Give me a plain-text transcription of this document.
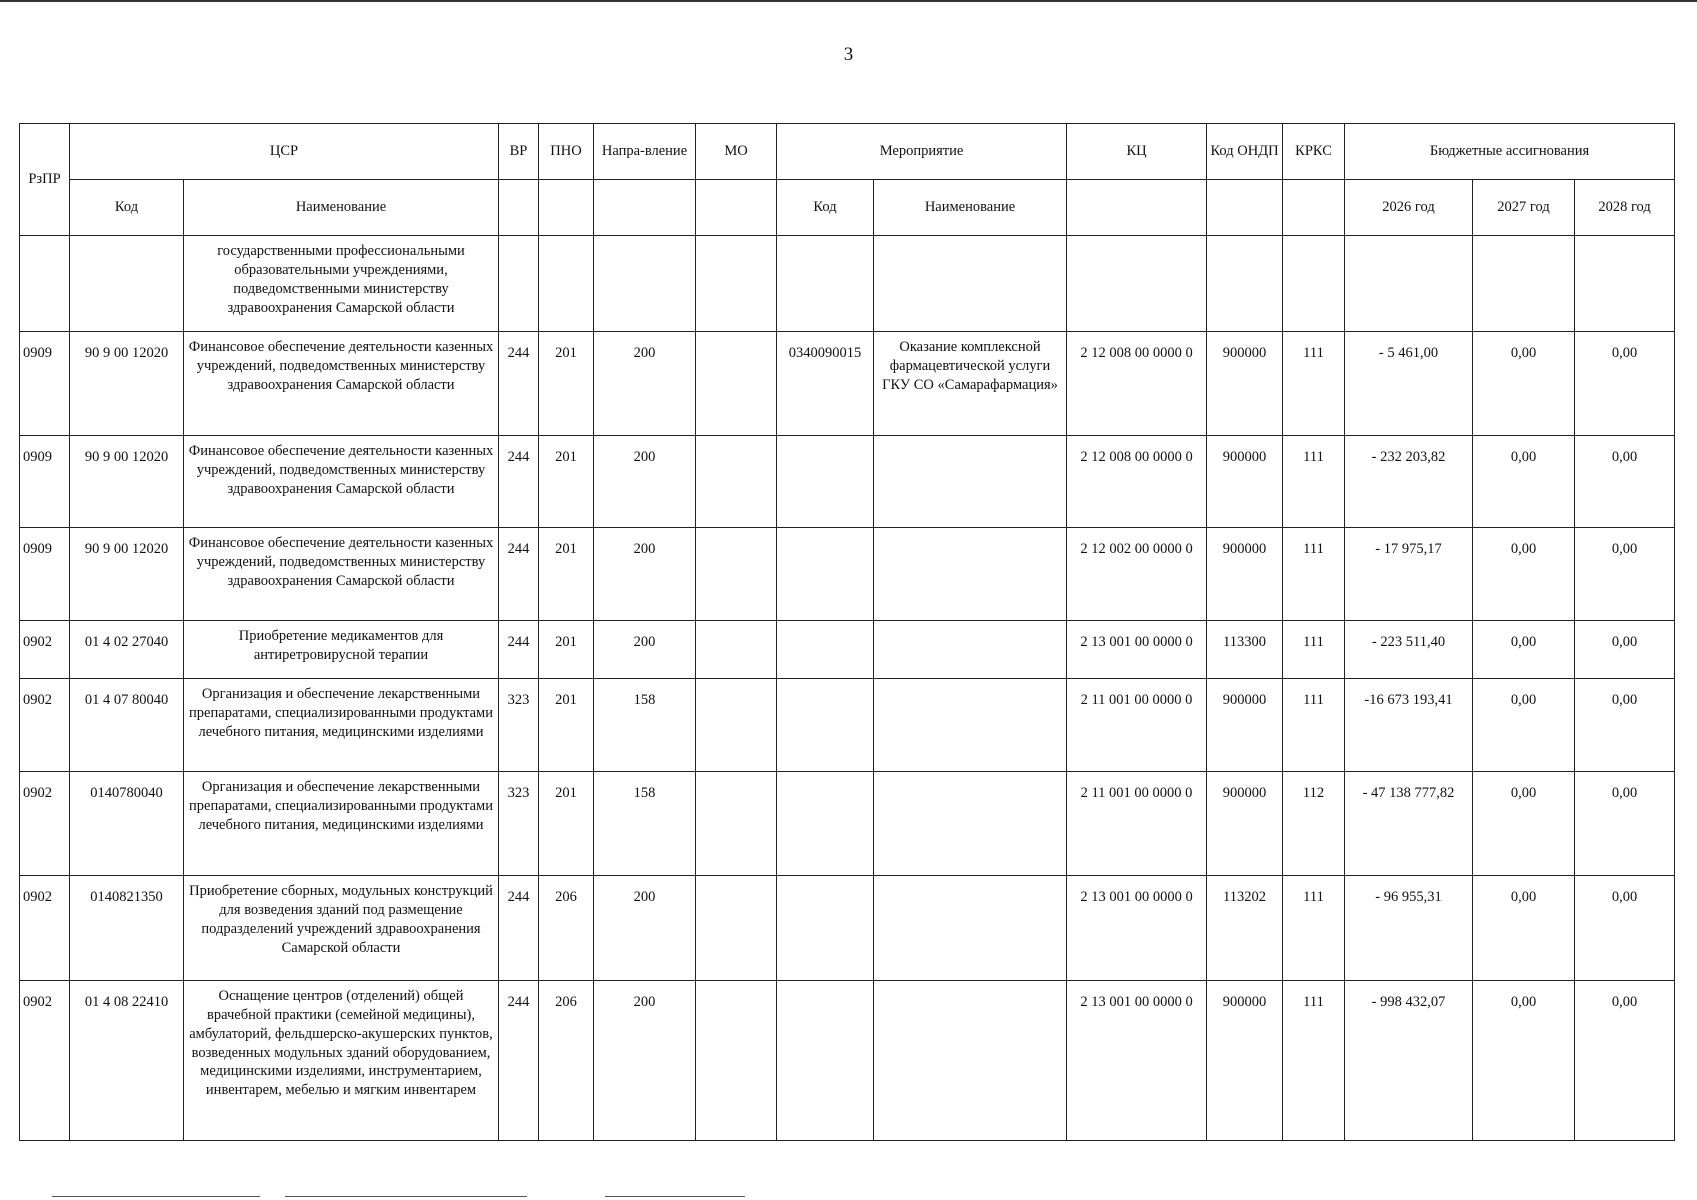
3
РзПР	ЦСР		ВР	ПНО	Напра-вление	МО	Мероприятие		КЦ	Код ОНДП	КРКС	Бюджетные ассигнования		
	Код	Наименование					Код	Наименование				2026 год	2027 год	2028 год
		государственными профессиональными образовательными учреждениями, подведомственными министерству здравоохранения Самарской области												
0909	90 9 00 12020	Финансовое обеспечение деятельности казенных учреждений, подведомственных министерству здравоохранения Самарской области	244	201	200		0340090015	Оказание комплексной фармацевтической услуги ГКУ СО «Самарафармация»	2 12 008 00 0000 0	900000	111	- 5 461,00	0,00	0,00
0909	90 9 00 12020	Финансовое обеспечение деятельности казенных учреждений, подведомственных министерству здравоохранения Самарской области	244	201	200				2 12 008 00 0000 0	900000	111	- 232 203,82	0,00	0,00
0909	90 9 00 12020	Финансовое обеспечение деятельности казенных учреждений, подведомственных министерству здравоохранения Самарской области	244	201	200				2 12 002 00 0000 0	900000	111	- 17 975,17	0,00	0,00
0902	01 4 02 27040	Приобретение медикаментов для антиретровирусной терапии	244	201	200				2 13 001 00 0000 0	113300	111	- 223 511,40	0,00	0,00
0902	01 4 07 80040	Организация и обеспечение лекарственными препаратами, специализированными продуктами лечебного питания, медицинскими изделиями	323	201	158				2 11 001 00 0000 0	900000	111	-16 673 193,41	0,00	0,00
0902	0140780040	Организация и обеспечение лекарственными препаратами, специализированными продуктами лечебного питания, медицинскими изделиями	323	201	158				2 11 001 00 0000 0	900000	112	- 47 138 777,82	0,00	0,00
0902	0140821350	Приобретение сборных, модульных конструкций для возведения зданий под размещение подразделений учреждений здравоохранения Самарской области	244	206	200				2 13 001 00 0000 0	113202	111	- 96 955,31	0,00	0,00
0902	01 4 08 22410	Оснащение центров (отделений) общей врачебной практики (семейной медицины), амбулаторий, фельдшерско-акушерских пунктов, возведенных модульных зданий оборудованием, медицинскими изделиями, инструментарием, инвентарем, мебелью и мягким инвентарем	244	206	200				2 13 001 00 0000 0	900000	111	- 998 432,07	0,00	0,00
